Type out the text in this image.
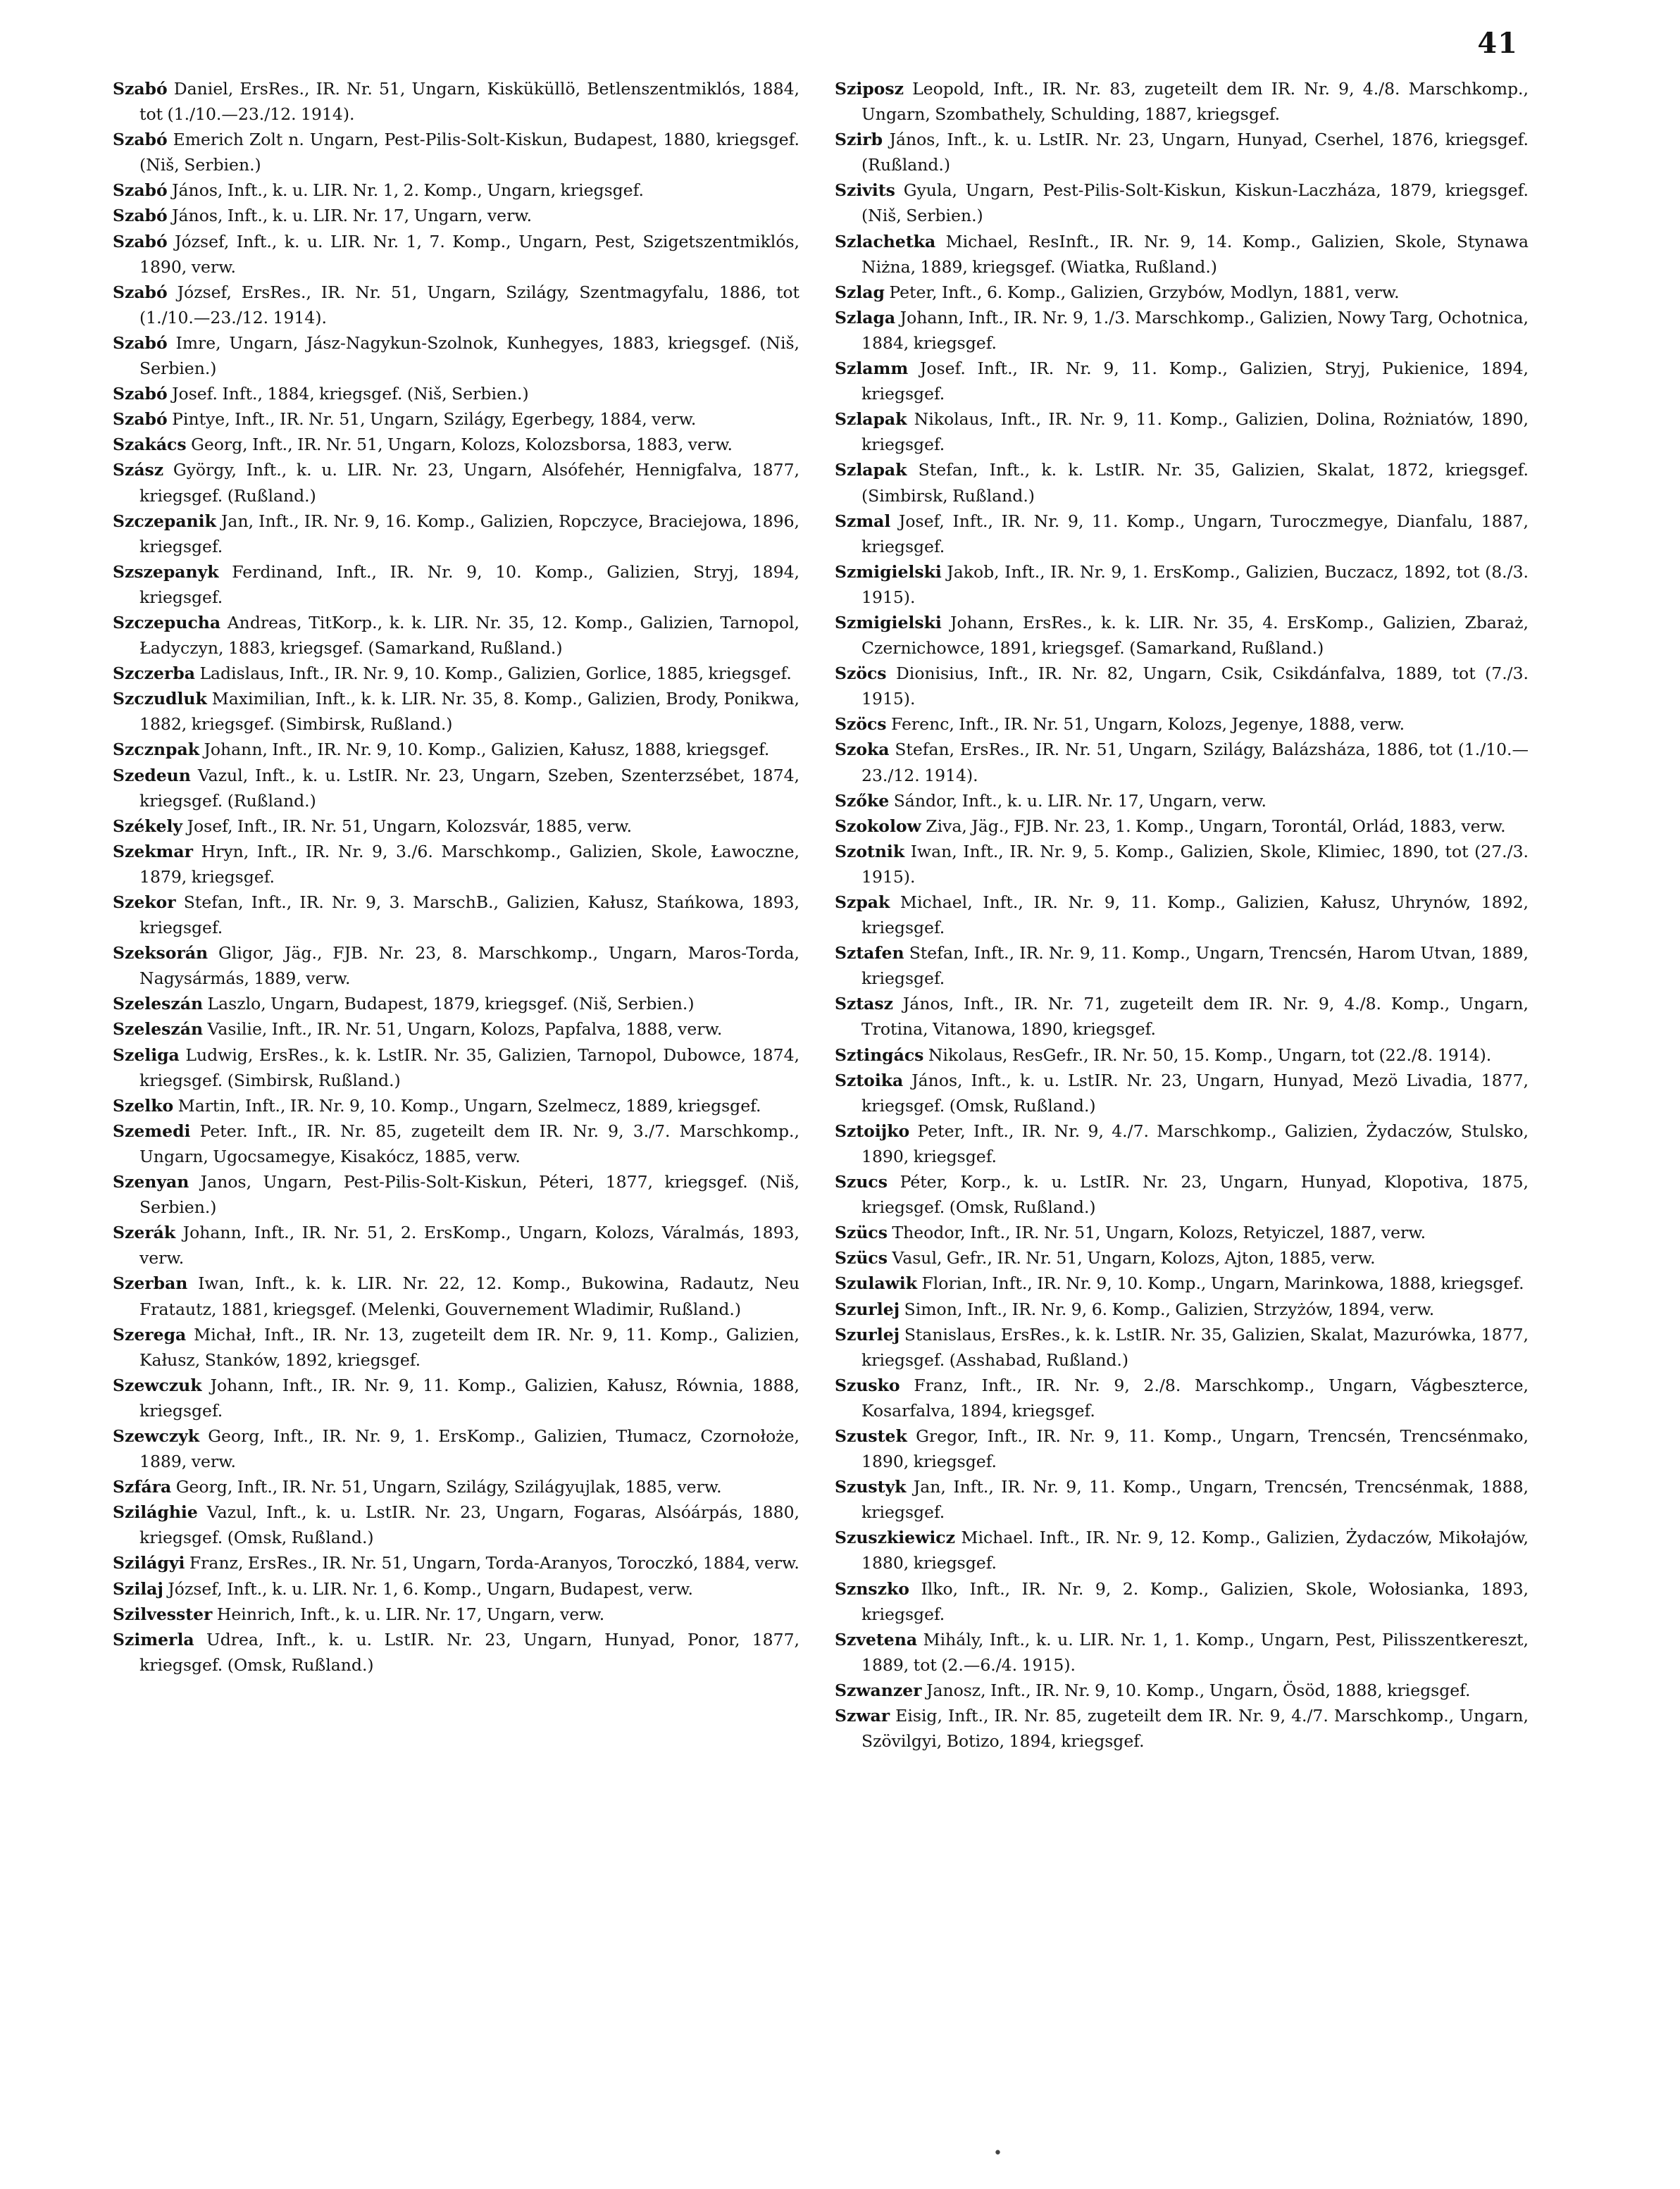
41
Szabó Daniel, ErsRes., IR. Nr. 51, Ungarn, Kisküküllö, Betlenszentmiklós, 1884, tot (1./10.—23./12. 1914).
Szabó Emerich Zolt n. Ungarn, Pest-Pilis-Solt-Kiskun, Budapest, 1880, kriegsgef. (Niš, Serbien.)
Szabó János, Inft., k. u. LIR. Nr. 1, 2. Komp., Ungarn, kriegsgef.
Szabó János, Inft., k. u. LIR. Nr. 17, Ungarn, verw.
Szabó József, Inft., k. u. LIR. Nr. 1, 7. Komp., Ungarn, Pest, Szigetszentmiklós, 1890, verw.
Szabó József, ErsRes., IR. Nr. 51, Ungarn, Szilágy, Szentmagyfalu, 1886, tot (1./10.—23./12. 1914).
Szabó Imre, Ungarn, Jász-Nagykun-Szolnok, Kunhegyes, 1883, kriegsgef. (Niš, Serbien.)
Szabó Josef. Inft., 1884, kriegsgef. (Niš, Serbien.)
Szabó Pintye, Inft., IR. Nr. 51, Ungarn, Szilágy, Egerbegy, 1884, verw.
Szakács Georg, Inft., IR. Nr. 51, Ungarn, Kolozs, Kolozsborsa, 1883, verw.
Szász György, Inft., k. u. LIR. Nr. 23, Ungarn, Alsófehér, Hennigfalva, 1877, kriegsgef. (Rußland.)
Szczepanik Jan, Inft., IR. Nr. 9, 16. Komp., Galizien, Ropczyce, Braciejowa, 1896, kriegsgef.
Szszepanyk Ferdinand, Inft., IR. Nr. 9, 10. Komp., Galizien, Stryj, 1894, kriegsgef.
Szczepucha Andreas, TitKorp., k. k. LIR. Nr. 35, 12. Komp., Galizien, Tarnopol, Ładyczyn, 1883, kriegsgef. (Samarkand, Rußland.)
Szczerba Ladislaus, Inft., IR. Nr. 9, 10. Komp., Galizien, Gorlice, 1885, kriegsgef.
Szczudluk Maximilian, Inft., k. k. LIR. Nr. 35, 8. Komp., Galizien, Brody, Ponikwa, 1882, kriegsgef. (Simbirsk, Rußland.)
Szcznpak Johann, Inft., IR. Nr. 9, 10. Komp., Galizien, Kałusz, 1888, kriegsgef.
Szedeun Vazul, Inft., k. u. LstIR. Nr. 23, Ungarn, Szeben, Szenterzsébet, 1874, kriegsgef. (Rußland.)
Székely Josef, Inft., IR. Nr. 51, Ungarn, Kolozsvár, 1885, verw.
Szekmar Hryn, Inft., IR. Nr. 9, 3./6. Marschkomp., Galizien, Skole, Ławoczne, 1879, kriegsgef.
Szekor Stefan, Inft., IR. Nr. 9, 3. MarschB., Galizien, Kałusz, Stańkowa, 1893, kriegsgef.
Szeksorán Gligor, Jäg., FJB. Nr. 23, 8. Marschkomp., Ungarn, Maros-Torda, Nagysármás, 1889, verw.
Szeleszán Laszlo, Ungarn, Budapest, 1879, kriegsgef. (Niš, Serbien.)
Szeleszán Vasilie, Inft., IR. Nr. 51, Ungarn, Kolozs, Papfalva, 1888, verw.
Szeliga Ludwig, ErsRes., k. k. LstIR. Nr. 35, Galizien, Tarnopol, Dubowce, 1874, kriegsgef. (Simbirsk, Rußland.)
Szelko Martin, Inft., IR. Nr. 9, 10. Komp., Ungarn, Szelmecz, 1889, kriegsgef.
Szemedi Peter. Inft., IR. Nr. 85, zugeteilt dem IR. Nr. 9, 3./7. Marschkomp., Ungarn, Ugocsamegye, Kisakócz, 1885, verw.
Szenyan Janos, Ungarn, Pest-Pilis-Solt-Kiskun, Péteri, 1877, kriegsgef. (Niš, Serbien.)
Szerák Johann, Inft., IR. Nr. 51, 2. ErsKomp., Ungarn, Kolozs, Váralmás, 1893, verw.
Szerban Iwan, Inft., k. k. LIR. Nr. 22, 12. Komp., Bukowina, Radautz, Neu Fratautz, 1881, kriegsgef. (Melenki, Gouvernement Wladimir, Rußland.)
Szerega Michał, Inft., IR. Nr. 13, zugeteilt dem IR. Nr. 9, 11. Komp., Galizien, Kałusz, Stanków, 1892, kriegsgef.
Szewczuk Johann, Inft., IR. Nr. 9, 11. Komp., Galizien, Kałusz, Równia, 1888, kriegsgef.
Szewczyk Georg, Inft., IR. Nr. 9, 1. ErsKomp., Galizien, Tłumacz, Czornołoże, 1889, verw.
Szfára Georg, Inft., IR. Nr. 51, Ungarn, Szilágy, Szilágyujlak, 1885, verw.
Szilághie Vazul, Inft., k. u. LstIR. Nr. 23, Ungarn, Fogaras, Alsóárpás, 1880, kriegsgef. (Omsk, Rußland.)
Szilágyi Franz, ErsRes., IR. Nr. 51, Ungarn, Torda-Aranyos, Toroczkó, 1884, verw.
Szilaj József, Inft., k. u. LIR. Nr. 1, 6. Komp., Ungarn, Budapest, verw.
Szilvesster Heinrich, Inft., k. u. LIR. Nr. 17, Ungarn, verw.
Szimerla Udrea, Inft., k. u. LstIR. Nr. 23, Ungarn, Hunyad, Ponor, 1877, kriegsgef. (Omsk, Rußland.)
Sziposz Leopold, Inft., IR. Nr. 83, zugeteilt dem IR. Nr. 9, 4./8. Marschkomp., Ungarn, Szombathely, Schulding, 1887, kriegsgef.
Szirb János, Inft., k. u. LstIR. Nr. 23, Ungarn, Hunyad, Cserhel, 1876, kriegsgef. (Rußland.)
Szivits Gyula, Ungarn, Pest-Pilis-Solt-Kiskun, Kiskun-Laczháza, 1879, kriegsgef. (Niš, Serbien.)
Szlachetka Michael, ResInft., IR. Nr. 9, 14. Komp., Galizien, Skole, Stynawa Niżna, 1889, kriegsgef. (Wiatka, Rußland.)
Szlag Peter, Inft., 6. Komp., Galizien, Grzybów, Modlyn, 1881, verw.
Szlaga Johann, Inft., IR. Nr. 9, 1./3. Marschkomp., Galizien, Nowy Targ, Ochotnica, 1884, kriegsgef.
Szlamm Josef. Inft., IR. Nr. 9, 11. Komp., Galizien, Stryj, Pukienice, 1894, kriegsgef.
Szlapak Nikolaus, Inft., IR. Nr. 9, 11. Komp., Galizien, Dolina, Rożniatów, 1890, kriegsgef.
Szlapak Stefan, Inft., k. k. LstIR. Nr. 35, Galizien, Skalat, 1872, kriegsgef. (Simbirsk, Rußland.)
Szmal Josef, Inft., IR. Nr. 9, 11. Komp., Ungarn, Turoczmegye, Dianfalu, 1887, kriegsgef.
Szmigielski Jakob, Inft., IR. Nr. 9, 1. ErsKomp., Galizien, Buczacz, 1892, tot (8./3. 1915).
Szmigielski Johann, ErsRes., k. k. LIR. Nr. 35, 4. ErsKomp., Galizien, Zbaraż, Czernichowce, 1891, kriegsgef. (Samarkand, Rußland.)
Szöcs Dionisius, Inft., IR. Nr. 82, Ungarn, Csik, Csikdánfalva, 1889, tot (7./3. 1915).
Szöcs Ferenc, Inft., IR. Nr. 51, Ungarn, Kolozs, Jegenye, 1888, verw.
Szoka Stefan, ErsRes., IR. Nr. 51, Ungarn, Szilágy, Balázsháza, 1886, tot (1./10.—23./12. 1914).
Szőke Sándor, Inft., k. u. LIR. Nr. 17, Ungarn, verw.
Szokolow Ziva, Jäg., FJB. Nr. 23, 1. Komp., Ungarn, Torontál, Orlád, 1883, verw.
Szotnik Iwan, Inft., IR. Nr. 9, 5. Komp., Galizien, Skole, Klimiec, 1890, tot (27./3. 1915).
Szpak Michael, Inft., IR. Nr. 9, 11. Komp., Galizien, Kałusz, Uhrynów, 1892, kriegsgef.
Sztafen Stefan, Inft., IR. Nr. 9, 11. Komp., Ungarn, Trencsén, Harom Utvan, 1889, kriegsgef.
Sztasz János, Inft., IR. Nr. 71, zugeteilt dem IR. Nr. 9, 4./8. Komp., Ungarn, Trotina, Vitanowa, 1890, kriegsgef.
Sztingács Nikolaus, ResGefr., IR. Nr. 50, 15. Komp., Ungarn, tot (22./8. 1914).
Sztoika János, Inft., k. u. LstIR. Nr. 23, Ungarn, Hunyad, Mezö Livadia, 1877, kriegsgef. (Omsk, Rußland.)
Sztoijko Peter, Inft., IR. Nr. 9, 4./7. Marschkomp., Galizien, Żydaczów, Stulsko, 1890, kriegsgef.
Szucs Péter, Korp., k. u. LstIR. Nr. 23, Ungarn, Hunyad, Klopotiva, 1875, kriegsgef. (Omsk, Rußland.)
Szücs Theodor, Inft., IR. Nr. 51, Ungarn, Kolozs, Retyiczel, 1887, verw.
Szücs Vasul, Gefr., IR. Nr. 51, Ungarn, Kolozs, Ajton, 1885, verw.
Szulawik Florian, Inft., IR. Nr. 9, 10. Komp., Ungarn, Marinkowa, 1888, kriegsgef.
Szurlej Simon, Inft., IR. Nr. 9, 6. Komp., Galizien, Strzyżów, 1894, verw.
Szurlej Stanislaus, ErsRes., k. k. LstIR. Nr. 35, Galizien, Skalat, Mazurówka, 1877, kriegsgef. (Asshabad, Rußland.)
Szusko Franz, Inft., IR. Nr. 9, 2./8. Marschkomp., Ungarn, Vágbeszterce, Kosarfalva, 1894, kriegsgef.
Szustek Gregor, Inft., IR. Nr. 9, 11. Komp., Ungarn, Trencsén, Trencsénmako, 1890, kriegsgef.
Szustyk Jan, Inft., IR. Nr. 9, 11. Komp., Ungarn, Trencsén, Trencsénmak, 1888, kriegsgef.
Szuszkiewicz Michael. Inft., IR. Nr. 9, 12. Komp., Galizien, Żydaczów, Mikołajów, 1880, kriegsgef.
Sznszko Ilko, Inft., IR. Nr. 9, 2. Komp., Galizien, Skole, Wołosianka, 1893, kriegsgef.
Szvetena Mihály, Inft., k. u. LIR. Nr. 1, 1. Komp., Ungarn, Pest, Pilisszentkereszt, 1889, tot (2.—6./4. 1915).
Szwanzer Janosz, Inft., IR. Nr. 9, 10. Komp., Ungarn, Ösöd, 1888, kriegsgef.
Szwar Eisig, Inft., IR. Nr. 85, zugeteilt dem IR. Nr. 9, 4./7. Marschkomp., Ungarn, Szövilgyi, Botizo, 1894, kriegsgef.
•
